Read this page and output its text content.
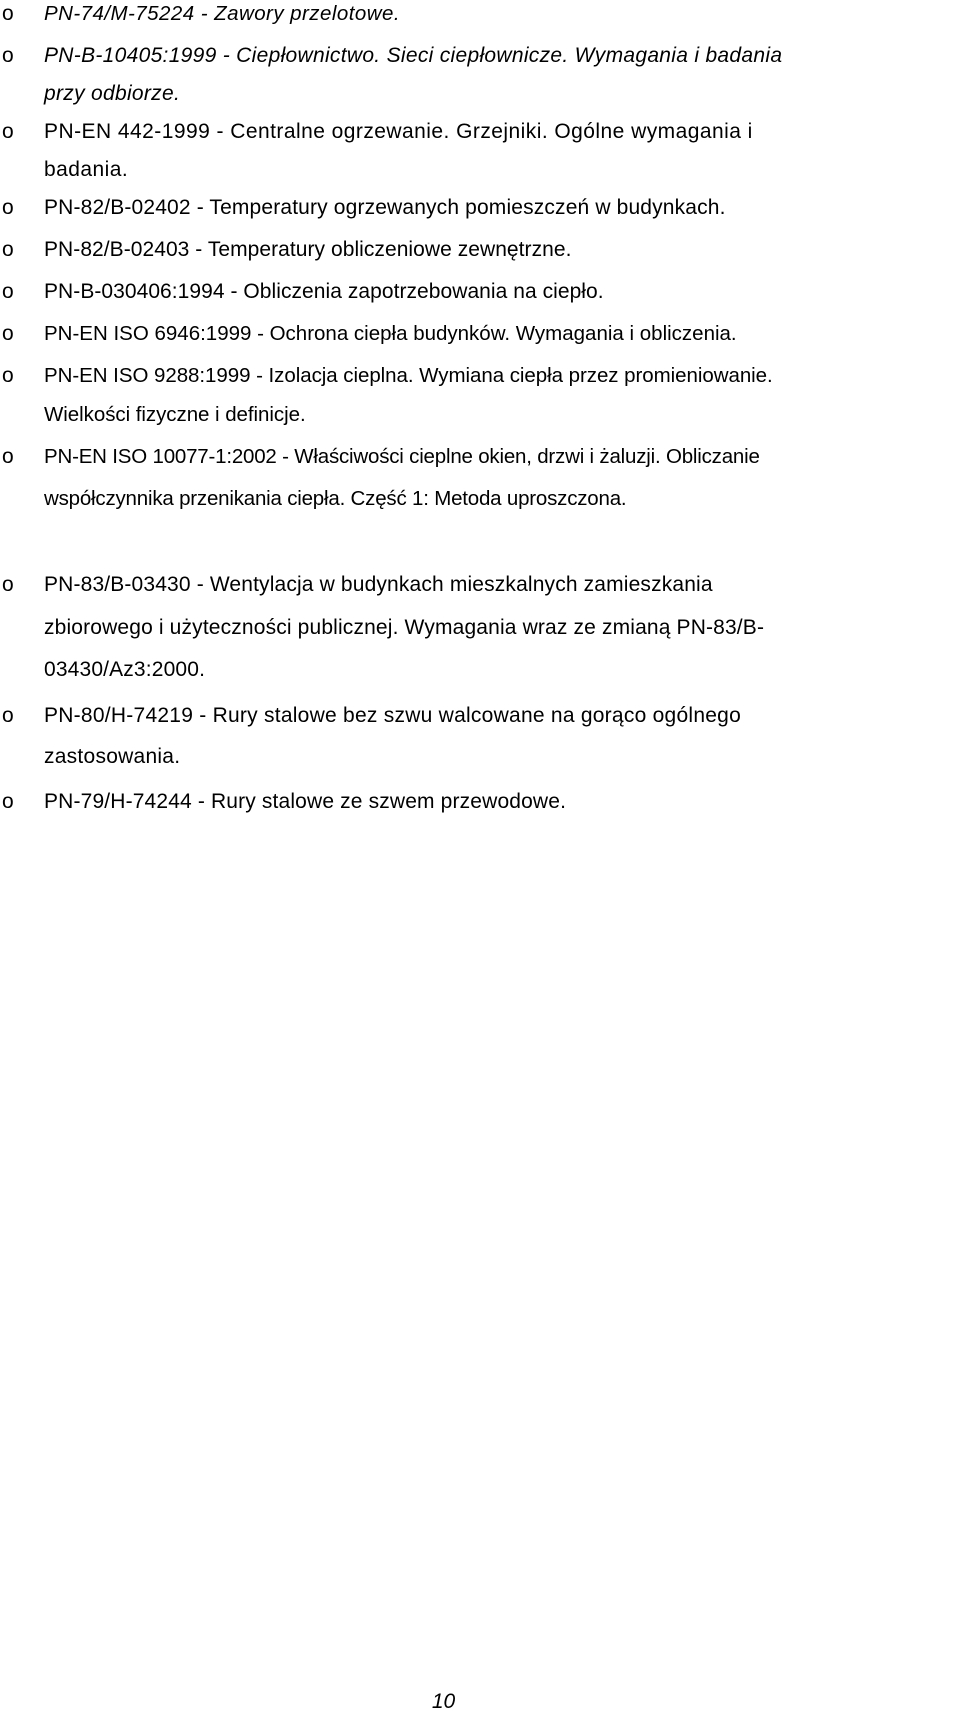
o PN-74/M-75224 - Zawory przelotowe.
o PN-B-10405:1999 - Ciepłownictwo. Sieci ciepłownicze. Wymagania i badania
przy odbiorze.
o PN-EN 442-1999 - Centralne ogrzewanie. Grzejniki. Ogólne wymagania i
badania.
o PN-82/B-02402 - Temperatury ogrzewanych pomieszczeń w budynkach.
o PN-82/B-02403 - Temperatury obliczeniowe zewnętrzne.
o PN-B-030406:1994 - Obliczenia zapotrzebowania na ciepło.
o PN-EN ISO 6946:1999 - Ochrona ciepła budynków. Wymagania i obliczenia.
o PN-EN ISO 9288:1999 - Izolacja cieplna. Wymiana ciepła przez promieniowanie.
Wielkości fizyczne i definicje.
o PN-EN ISO 10077-1:2002 - Właściwości cieplne okien, drzwi i żaluzji. Obliczanie
współczynnika przenikania ciepła. Część 1: Metoda uproszczona.
o PN-83/B-03430 - Wentylacja w budynkach mieszkalnych zamieszkania
zbiorowego i użyteczności publicznej. Wymagania wraz ze zmianą PN-83/B-
03430/Az3:2000.
o PN-80/H-74219 - Rury stalowe bez szwu walcowane na gorąco ogólnego
zastosowania.
o PN-79/H-74244 - Rury stalowe ze szwem przewodowe.
10
